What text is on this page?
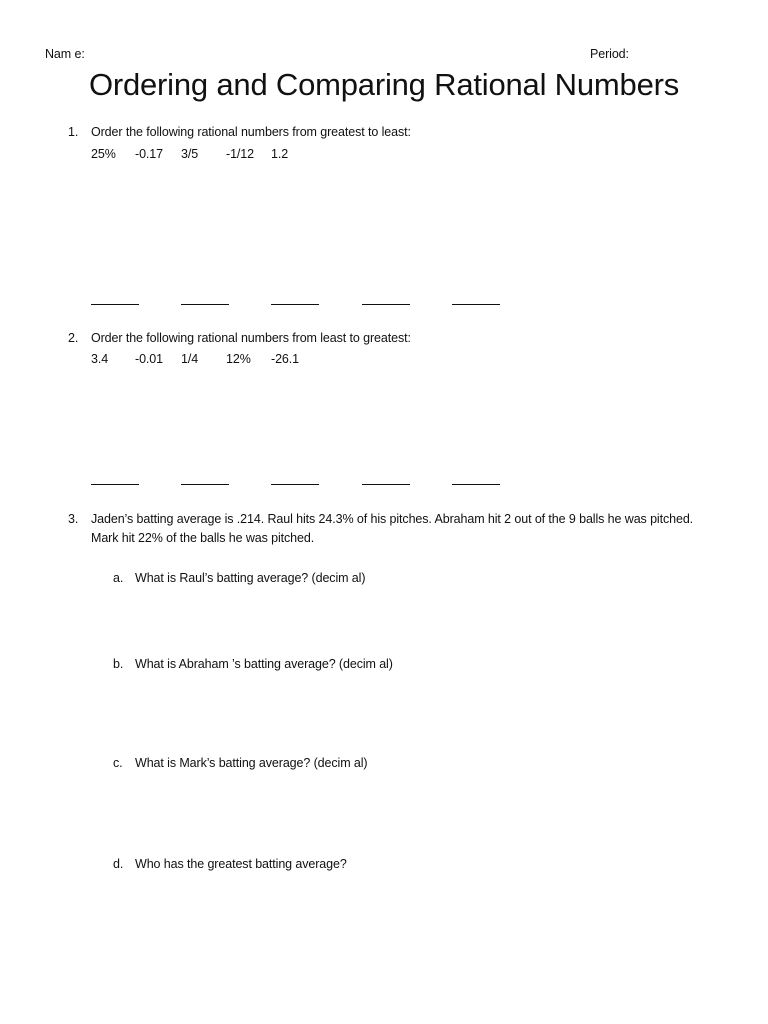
Nam e:	Period:
Ordering and Comparing Rational Numbers
1. Order the following rational numbers from greatest to least:
25% -0.17 3/5 -1/12 1.2
2. Order the following rational numbers from least to greatest:
3.4 -0.01 1/4 12% -26.1
3. Jaden’s batting average is .214. Raul hits 24.3% of his pitches. Abraham hit 2 out of the 9 balls he was pitched.
Mark hit 22% of the balls he was pitched.
a. What is Raul’s batting average? (decim al)
b. What is Abraham ’s batting average? (decim al)
c. What is Mark’s batting average? (decim al)
d. Who has the greatest batting average?
